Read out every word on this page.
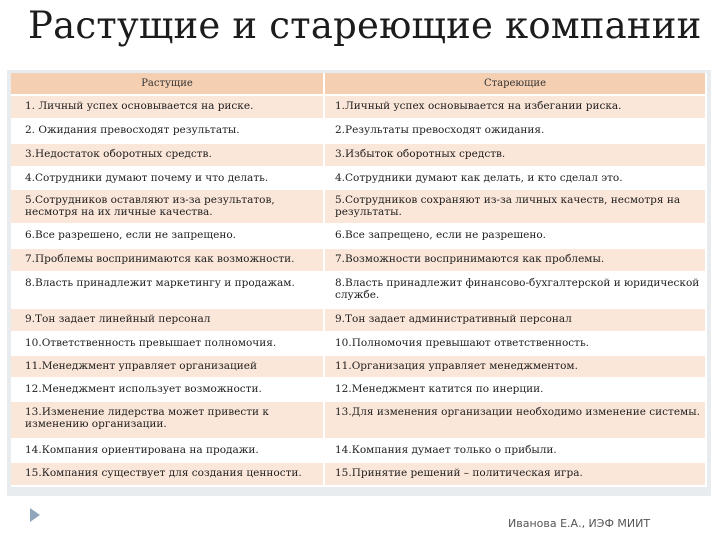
Растущие и стареющие компании
Растущие	Стареющие
1. Личный успех основывается на риске.	1.Личный успех основывается на избегании риска.
2. Ожидания превосходят результаты.	2.Результаты превосходят ожидания.
3.Недостаток оборотных средств.	3.Избыток оборотных средств.
4.Сотрудники думают почему и что делать.	4.Сотрудники думают как делать, и кто сделал это.
5.Сотрудников оставляют из-за результатов, несмотря на их личные качества.	5.Сотрудников сохраняют из-за личных качеств, несмотря на результаты.
6.Все разрешено, если не запрещено.	6.Все запрещено, если не разрешено.
7.Проблемы воспринимаются как возможности.	7.Возможности воспринимаются как проблемы.
8.Власть принадлежит маркетингу и продажам.	8.Власть принадлежит финансово-бухгалтерской и юридической службе.
9.Тон задает линейный персонал	9.Тон задает административный персонал
10.Ответственность превышает полномочия.	10.Полномочия превышают ответственность.
11.Менеджмент управляет организацией	11.Организация управляет менеджментом.
12.Менеджмент использует возможности.	12.Менеджмент катится по инерции.
13.Изменение лидерства может привести к изменению организации.	13.Для изменения организации необходимо изменение системы.
14.Компания ориентирована на продажи.	14.Компания думает только о прибыли.
15.Компания существует для создания ценности.	15.Принятие решений – политическая игра.
Иванова Е.А., ИЭФ МИИТ
